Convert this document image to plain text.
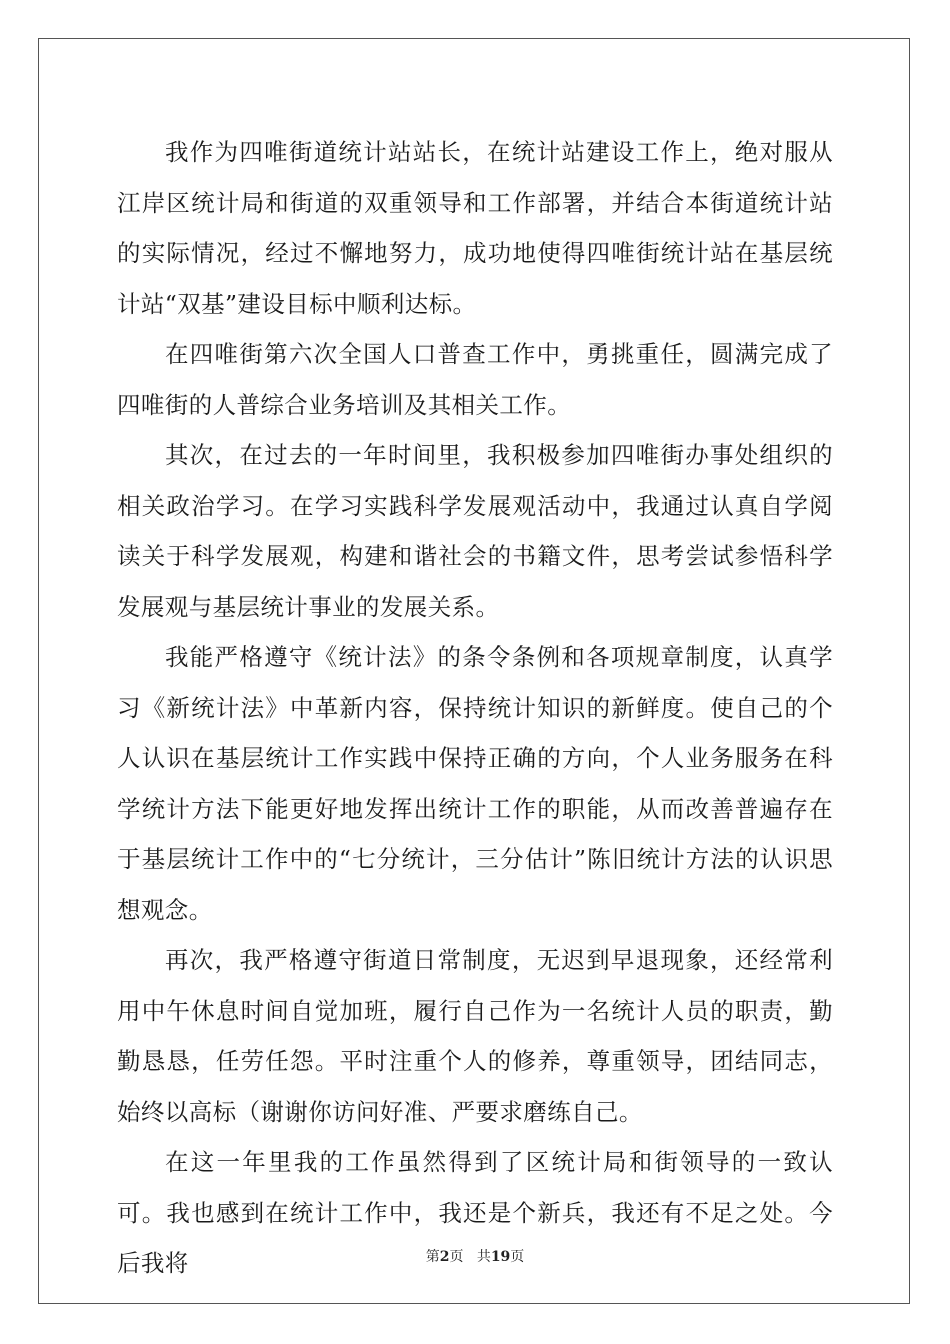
我作为四唯街道统计站站长，在统计站建设工作上，绝对服从江岸区统计局和街道的双重领导和工作部署，并结合本街道统计站的实际情况，经过不懈地努力，成功地使得四唯街统计站在基层统计站“双基”建设目标中顺利达标。

在四唯街第六次全国人口普查工作中，勇挑重任，圆满完成了四唯街的人普综合业务培训及其相关工作。

其次，在过去的一年时间里，我积极参加四唯街办事处组织的相关政治学习。在学习实践科学发展观活动中，我通过认真自学阅读关于科学发展观，构建和谐社会的书籍文件，思考尝试参悟科学发展观与基层统计事业的发展关系。

我能严格遵守《统计法》的条令条例和各项规章制度，认真学习《新统计法》中革新内容，保持统计知识的新鲜度。使自己的个人认识在基层统计工作实践中保持正确的方向，个人业务服务在科学统计方法下能更好地发挥出统计工作的职能，从而改善普遍存在于基层统计工作中的“七分统计，三分估计”陈旧统计方法的认识思想观念。

再次，我严格遵守街道日常制度，无迟到早退现象，还经常利用中午休息时间自觉加班，履行自己作为一名统计人员的职责，勤勤恳恳，任劳任怨。平时注重个人的修养，尊重领导，团结同志，始终以高标（谢谢你访问好准、严要求磨练自己。

在这一年里我的工作虽然得到了区统计局和街领导的一致认可。我也感到在统计工作中，我还是个新兵，我还有不足之处。今后我将	第2页 共19页
